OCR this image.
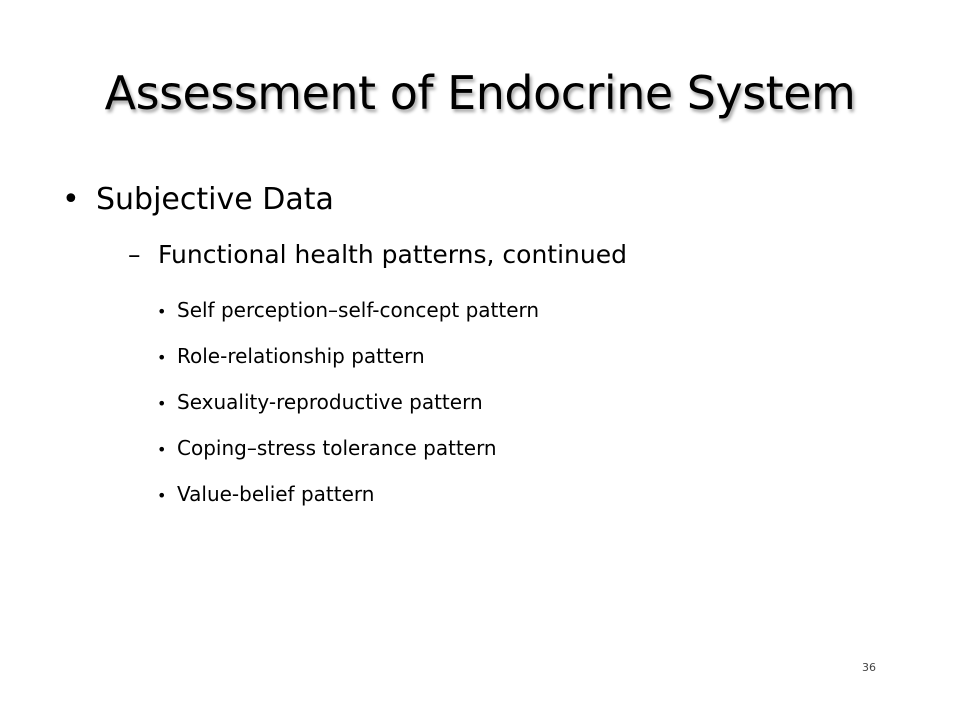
Assessment of Endocrine System
• Subjective Data
– Functional health patterns, continued
• Self perception–self-concept pattern
• Role-relationship pattern
• Sexuality-reproductive pattern
• Coping–stress tolerance pattern
• Value-belief pattern
36
